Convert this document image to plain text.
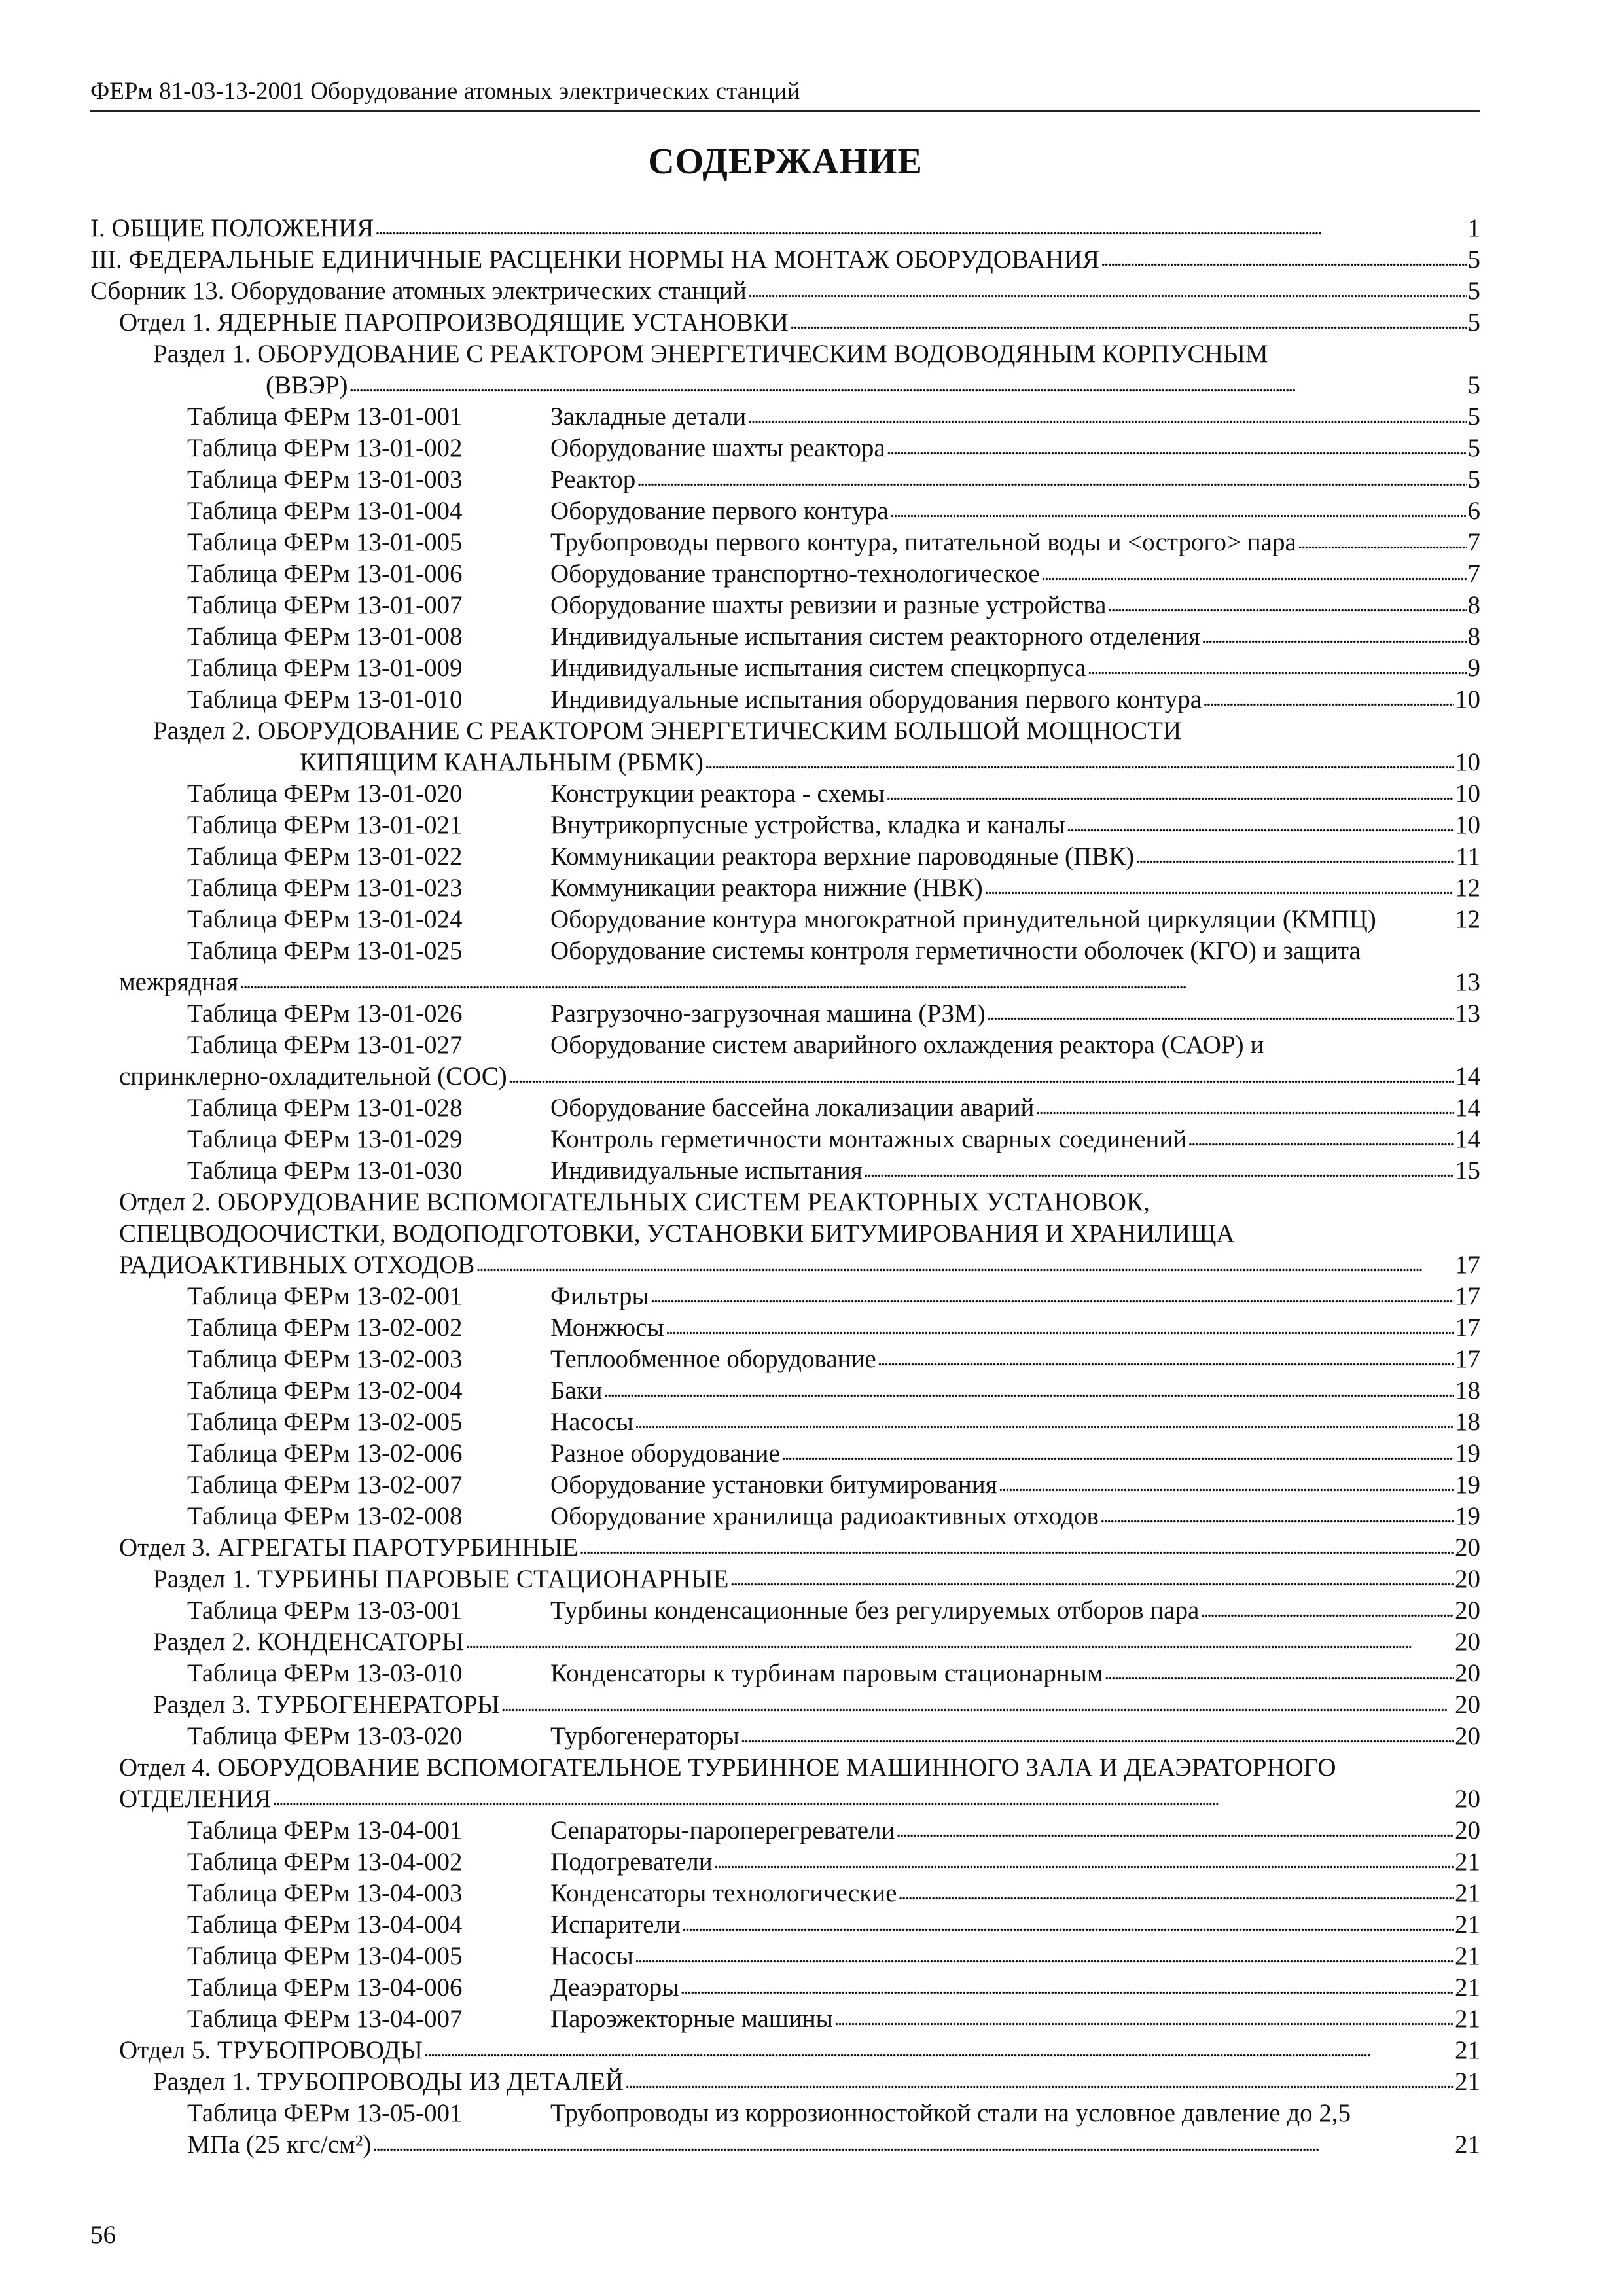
ФЕРм 81-03-13-2001 Оборудование атомных электрических станций
СОДЕРЖАНИЕ
I. ОБЩИЕ ПОЛОЖЕНИЯ . . .	1
III. ФЕДЕРАЛЬНЫЕ ЕДИНИЧНЫЕ РАСЦЕНКИ НОРМЫ НА МОНТАЖ ОБОРУДОВАНИЯ . . .	5
Сборник 13. Оборудование атомных электрических станций . . .	5
Отдел 1. ЯДЕРНЫЕ ПАРОПРОИЗВОДЯЩИЕ УСТАНОВКИ . . .	5
Раздел 1. ОБОРУДОВАНИЕ С РЕАКТОРОМ ЭНЕРГЕТИЧЕСКИМ ВОДОВОДЯНЫМ КОРПУСНЫМ
(ВВЭР) . . .	5
Таблица ФЕРм 13-01-001	Закладные детали . . .	5
Таблица ФЕРм 13-01-002	Оборудование шахты реактора . . .	5
Таблица ФЕРм 13-01-003	Реактор . . .	5
Таблица ФЕРм 13-01-004	Оборудование первого контура . . .	6
Таблица ФЕРм 13-01-005	Трубопроводы первого контура, питательной воды и <острого> пара . . .	7
Таблица ФЕРм 13-01-006	Оборудование транспортно-технологическое . . .	7
Таблица ФЕРм 13-01-007	Оборудование шахты ревизии и разные устройства . . .	8
Таблица ФЕРм 13-01-008	Индивидуальные испытания систем реакторного отделения . . .	8
Таблица ФЕРм 13-01-009	Индивидуальные испытания систем спецкорпуса . . .	9
Таблица ФЕРм 13-01-010	Индивидуальные испытания оборудования первого контура . . .	10
Раздел 2. ОБОРУДОВАНИЕ С РЕАКТОРОМ ЭНЕРГЕТИЧЕСКИМ БОЛЬШОЙ МОЩНОСТИ
КИПЯЩИМ КАНАЛЬНЫМ (РБМК) . . .	10
Таблица ФЕРм 13-01-020	Конструкции реактора - схемы . . .	10
Таблица ФЕРм 13-01-021	Внутрикорпусные устройства, кладка и каналы . . .	10
Таблица ФЕРм 13-01-022	Коммуникации реактора верхние пароводяные (ПВК) . . .	11
Таблица ФЕРм 13-01-023	Коммуникации реактора нижние (НВК) . . .	12
Таблица ФЕРм 13-01-024	Оборудование контура многократной принудительной циркуляции (КМПЦ)	12
Таблица ФЕРм 13-01-025	Оборудование системы контроля герметичности оболочек (КГО) и защита
межрядная . . .	13
Таблица ФЕРм 13-01-026	Разгрузочно-загрузочная машина (РЗМ) . . .	13
Таблица ФЕРм 13-01-027	Оборудование систем аварийного охлаждения реактора (САОР) и
спринклерно-охладительной (СОС) . . .	14
Таблица ФЕРм 13-01-028	Оборудование бассейна локализации аварий . . .	14
Таблица ФЕРм 13-01-029	Контроль герметичности монтажных сварных соединений . . .	14
Таблица ФЕРм 13-01-030	Индивидуальные испытания . . .	15
Отдел 2. ОБОРУДОВАНИЕ ВСПОМОГАТЕЛЬНЫХ СИСТЕМ РЕАКТОРНЫХ УСТАНОВОК,
СПЕЦВОДООЧИСТКИ, ВОДОПОДГОТОВКИ, УСТАНОВКИ БИТУМИРОВАНИЯ И ХРАНИЛИЩА
РАДИОАКТИВНЫХ ОТХОДОВ . . .	17
Таблица ФЕРм 13-02-001	Фильтры . . .	17
Таблица ФЕРм 13-02-002	Монжюсы . . .	17
Таблица ФЕРм 13-02-003	Теплообменное оборудование . . .	17
Таблица ФЕРм 13-02-004	Баки . . .	18
Таблица ФЕРм 13-02-005	Насосы . . .	18
Таблица ФЕРм 13-02-006	Разное оборудование . . .	19
Таблица ФЕРм 13-02-007	Оборудование установки битумирования . . .	19
Таблица ФЕРм 13-02-008	Оборудование хранилища радиоактивных отходов . . .	19
Отдел 3. АГРЕГАТЫ ПАРОТУРБИННЫЕ . . .	20
Раздел 1. ТУРБИНЫ ПАРОВЫЕ СТАЦИОНАРНЫЕ . . .	20
Таблица ФЕРм 13-03-001	Турбины конденсационные без регулируемых отборов пара . . .	20
Раздел 2. КОНДЕНСАТОРЫ . . .	20
Таблица ФЕРм 13-03-010	Конденсаторы к турбинам паровым стационарным . . .	20
Раздел 3. ТУРБОГЕНЕРАТОРЫ . . .	20
Таблица ФЕРм 13-03-020	Турбогенераторы . . .	20
Отдел 4. ОБОРУДОВАНИЕ ВСПОМОГАТЕЛЬНОЕ ТУРБИННОЕ МАШИННОГО ЗАЛА И ДЕАЭРАТОРНОГО
ОТДЕЛЕНИЯ . . .	20
Таблица ФЕРм 13-04-001	Сепараторы-пароперегреватели . . .	20
Таблица ФЕРм 13-04-002	Подогреватели . . .	21
Таблица ФЕРм 13-04-003	Конденсаторы технологические . . .	21
Таблица ФЕРм 13-04-004	Испарители . . .	21
Таблица ФЕРм 13-04-005	Насосы . . .	21
Таблица ФЕРм 13-04-006	Деаэраторы . . .	21
Таблица ФЕРм 13-04-007	Пароэжекторные машины . . .	21
Отдел 5. ТРУБОПРОВОДЫ . . .	21
Раздел 1. ТРУБОПРОВОДЫ ИЗ ДЕТАЛЕЙ . . .	21
Таблица ФЕРм 13-05-001	Трубопроводы из коррозионностойкой стали на условное давление до 2,5
МПа (25 кгс/см²) . . .	21
56
